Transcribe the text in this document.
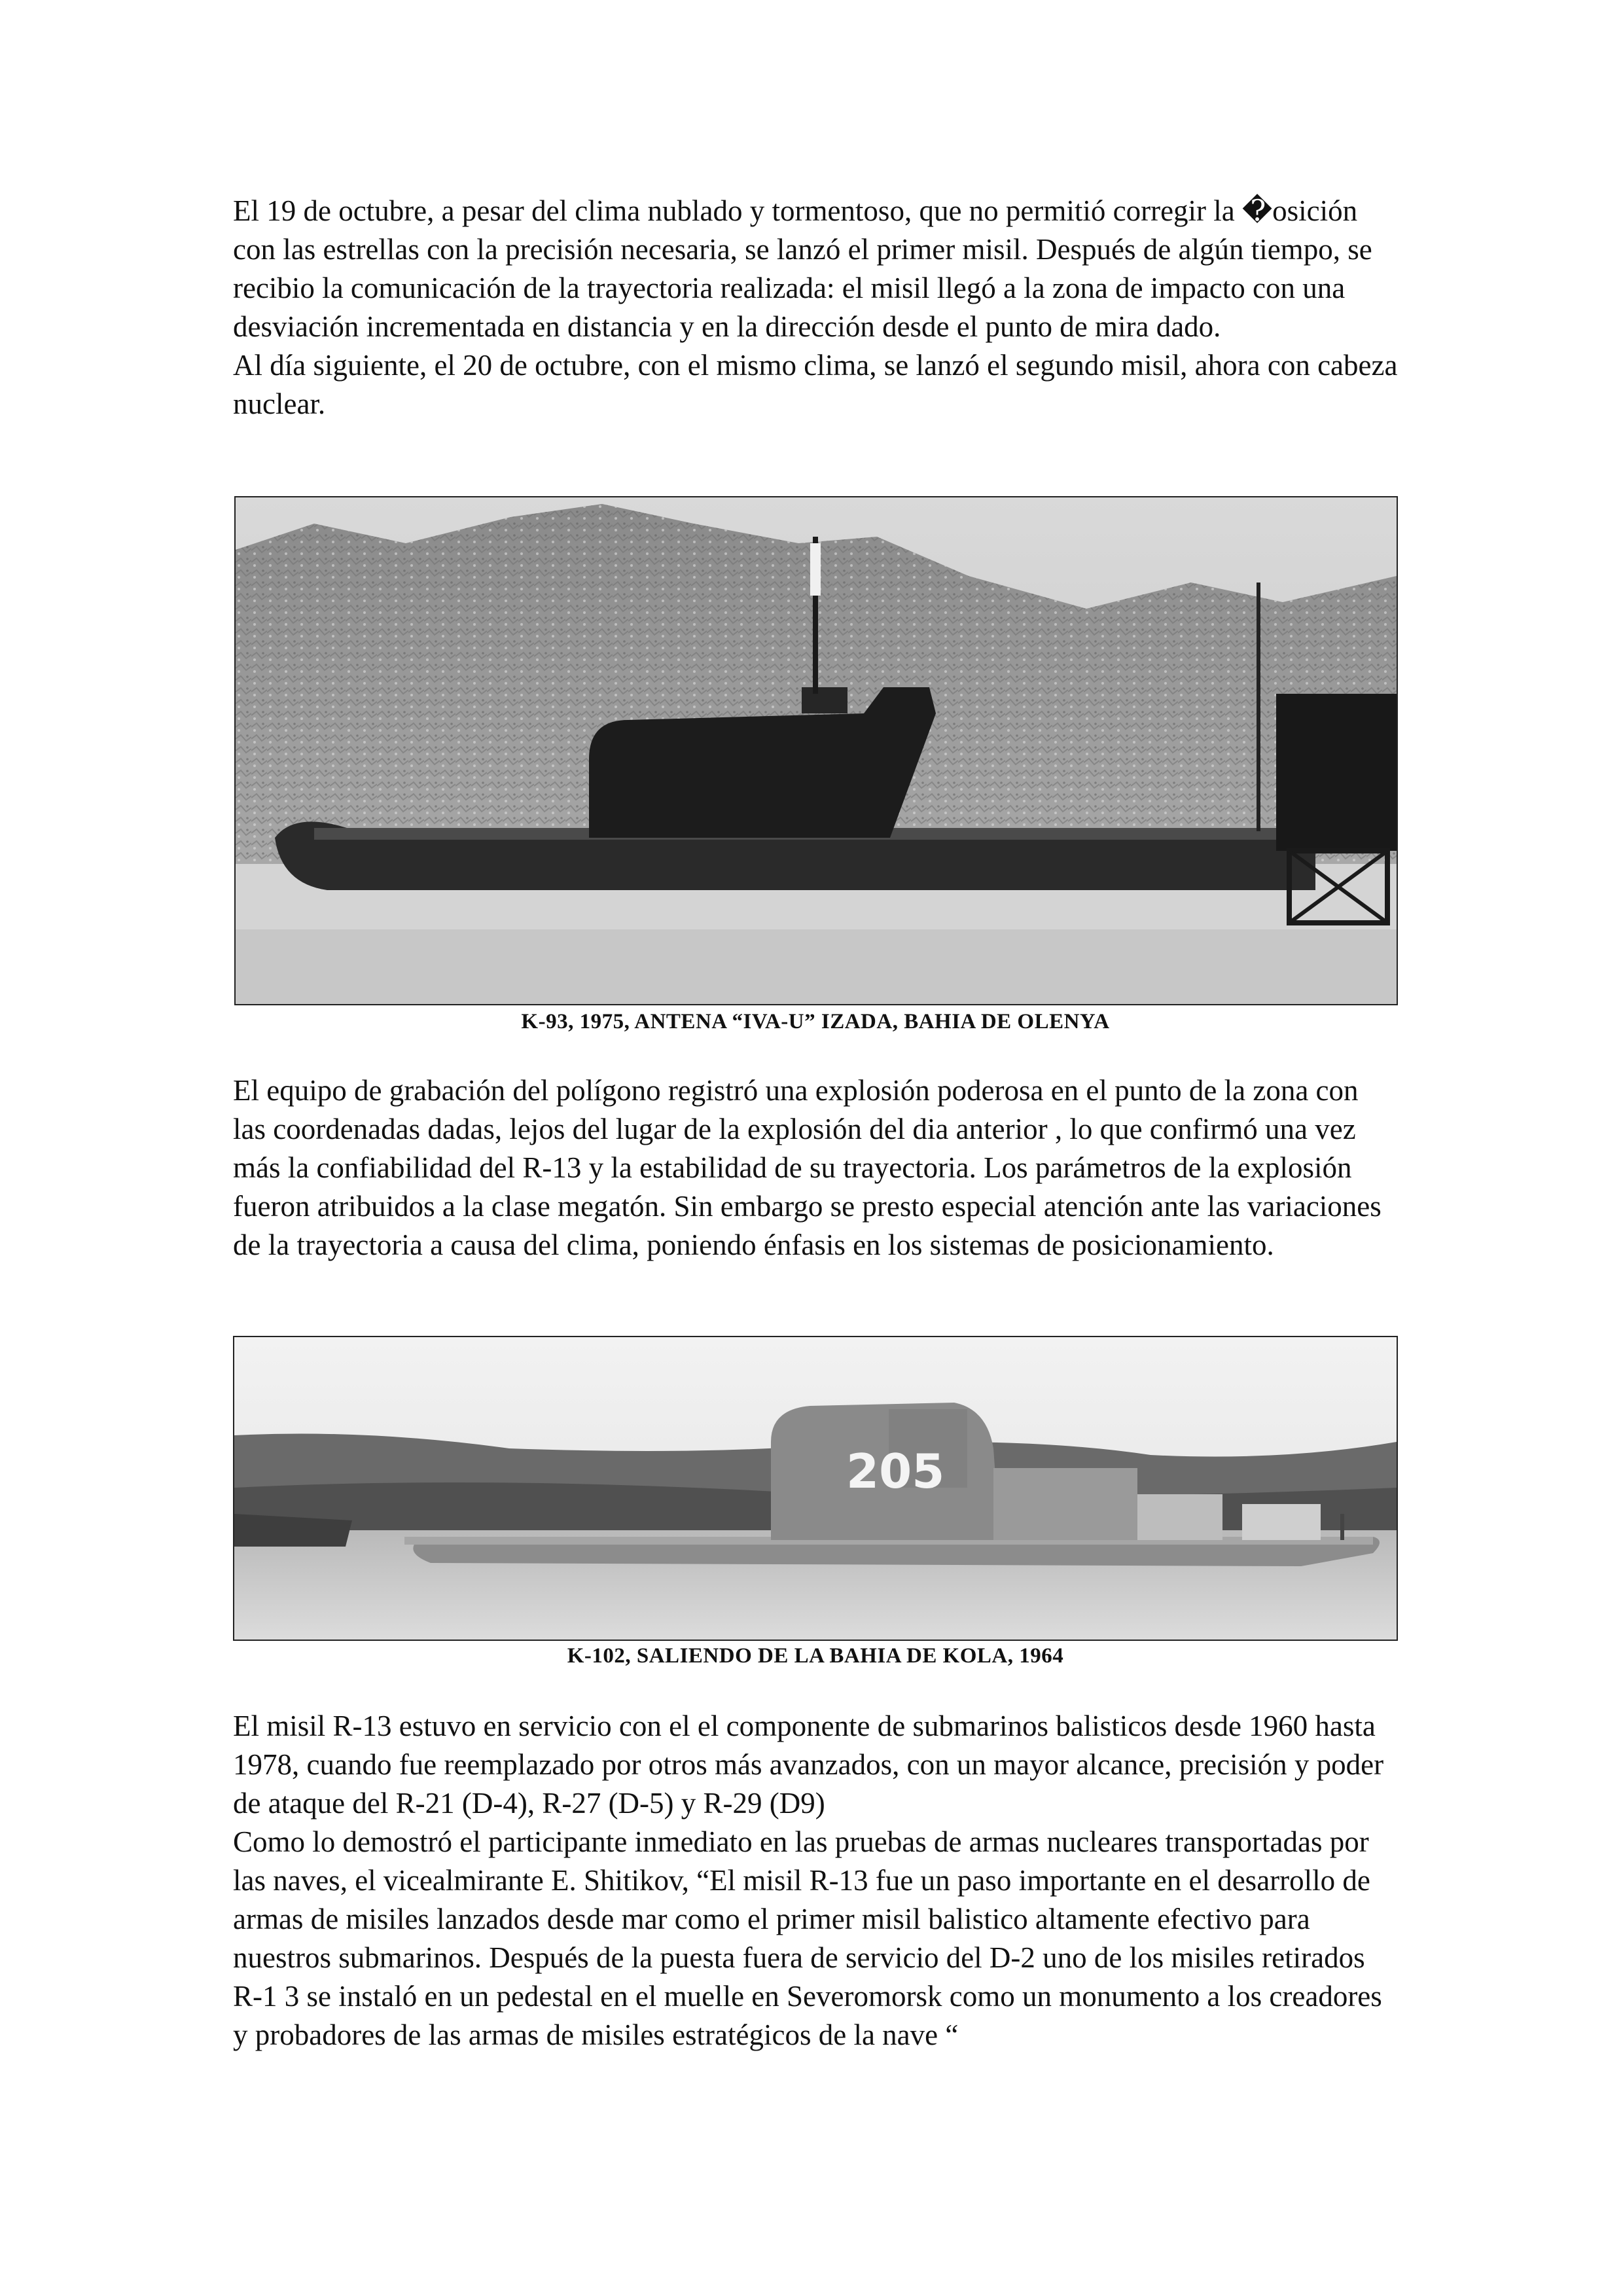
El 19 de octubre, a pesar del clima nublado y tormentoso, que no permitió corregir la �osición con las estrellas con la precisión necesaria, se lanzó el primer misil. Después de algún tiempo, se recibio la comunicación de la trayectoria realizada: el misil llegó a la zona de impacto con una desviación incrementada en distancia y en la dirección desde el punto de mira dado.

Al día siguiente, el 20 de octubre, con el mismo clima, se lanzó el segundo misil, ahora con cabeza nuclear.

K-93, 1975, ANTENA “IVA-U” IZADA, BAHIA DE OLENYA

El equipo de grabación del polígono registró una explosión poderosa en el punto de la zona con las coordenadas dadas, lejos del lugar de la explosión del dia anterior , lo que confirmó una vez más la confiabilidad del R-13 y la estabilidad de su trayectoria. Los parámetros de la explosión fueron atribuidos a la clase megatón. Sin embargo se presto especial atención ante las variaciones de la trayectoria a causa del clima, poniendo énfasis en los sistemas de posicionamiento.

205
K-102, SALIENDO DE LA BAHIA DE KOLA, 1964

El misil R-13 estuvo en servicio con el el componente de submarinos balisticos desde 1960 hasta 1978, cuando fue reemplazado por otros más avanzados, con un mayor alcance, precisión y poder de ataque del R-21 (D-4), R-27 (D-5) y R-29 (D9)

Como lo demostró el participante inmediato en las pruebas de armas nucleares transportadas por las naves, el vicealmirante E. Shitikov, “El misil R-13 fue un paso importante en el desarrollo de armas de misiles lanzados desde mar como el primer misil balistico altamente efectivo para nuestros submarinos. Después de la puesta fuera de servicio del D-2 uno de los misiles retirados R-1 3 se instaló en un pedestal en el muelle en Severomorsk como un monumento a los creadores y probadores de las armas de misiles estratégicos de la nave “
